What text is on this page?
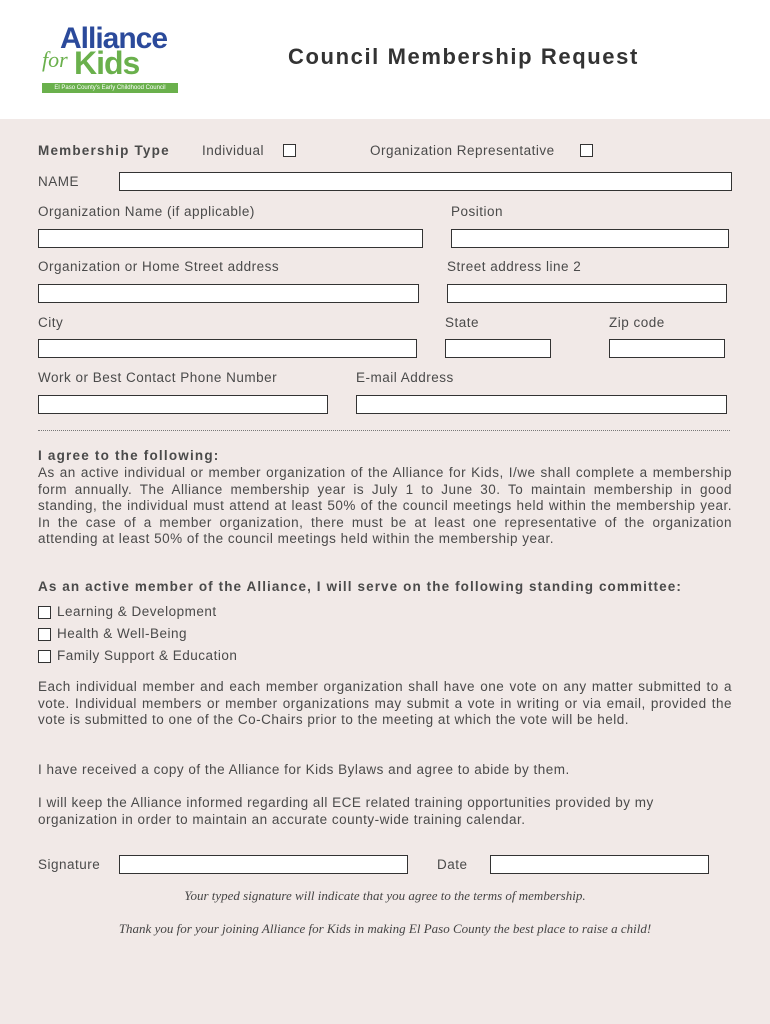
Alliance
for Kids
El Paso County's Early Childhood Council
Council Membership Request
Membership Type Individual	Organization Representative
NAME
Organization Name (if applicable)	Position
Organization or Home Street address	Street address line 2
City	State	Zip code
Work or Best Contact Phone Number	E-mail Address
I agree to the following:
As an active individual or member organization of the Alliance for Kids, I/we shall complete a membership form annually. The Alliance membership year is July 1 to June 30. To maintain membership in good standing, the individual must attend at least 50% of the council meetings held within the membership year. In the case of a member organization, there must be at least one representative of the organization attending at least 50% of the council meetings held within the membership year.
As an active member of the Alliance, I will serve on the following standing committee:
Learning & Development
Health & Well-Being
Family Support & Education
Each individual member and each member organization shall have one vote on any matter submitted to a vote. Individual members or member organizations may submit a vote in writing or via email, provided the vote is submitted to one of the Co-Chairs prior to the meeting at which the vote will be held.
I have received a copy of the Alliance for Kids Bylaws and agree to abide by them.
I will keep the Alliance informed regarding all ECE related training opportunities provided by my organization in order to maintain an accurate county-wide training calendar.
Signature	Date
Your typed signature will indicate that you agree to the terms of membership.
Thank you for your joining Alliance for Kids in making El Paso County the best place to raise a child!
